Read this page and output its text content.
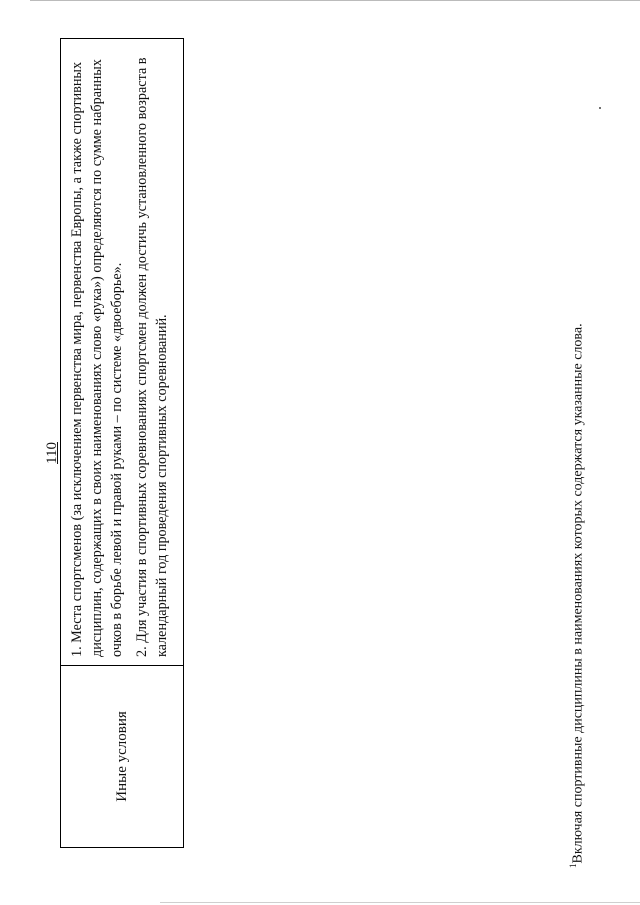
110
Иные условия

1. Места спортсменов (за исключением первенства мира, первенства Европы, а также спортивных дисциплин, содержащих в своих наименованиях слово «рука») определяются по сумме набранных очков в борьбе левой и правой руками – по системе «двоеборье». 2. Для участия в спортивных соревнованиях спортсмен должен достичь установленного возраста в календарный год проведения спортивных соревнований.

$^1$Включая спортивные дисциплины в наименованиях которых содержатся указанные слова.
